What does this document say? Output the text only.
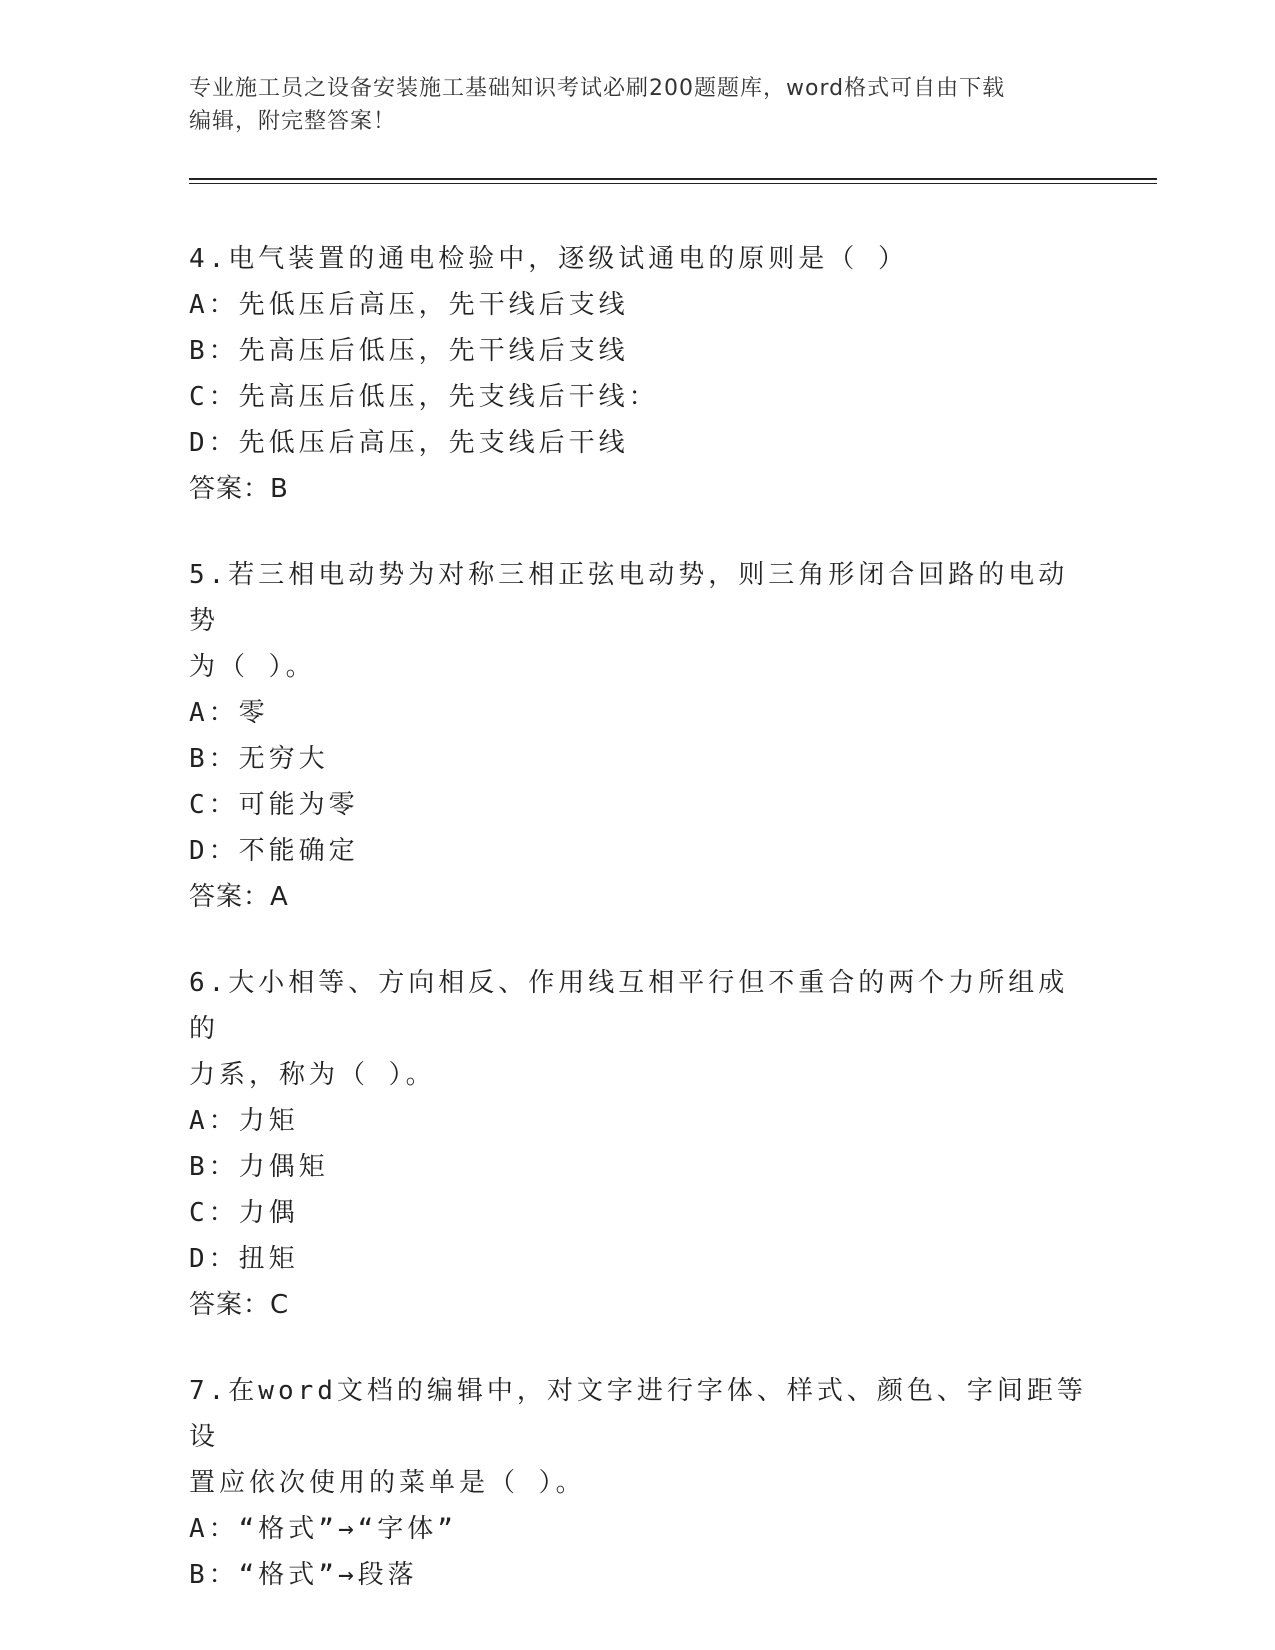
专业施工员之设备安装施工基础知识考试必刷200题题库，word格式可自由下载
编辑，附完整答案！
4.电气装置的通电检验中，逐级试通电的原则是（ ）
A：先低压后高压，先干线后支线
B：先高压后低压，先干线后支线
C：先高压后低压，先支线后干线：
D：先低压后高压，先支线后干线
答案：B
5.若三相电动势为对称三相正弦电动势，则三角形闭合回路的电动势
为（ ）。
A：零
B：无穷大
C：可能为零
D：不能确定
答案：A
6.大小相等、方向相反、作用线互相平行但不重合的两个力所组成的
力系，称为（ ）。
A：力矩
B：力偶矩
C：力偶
D：扭矩
答案：C
7.在word文档的编辑中，对文字进行字体、样式、颜色、字间距等设
置应依次使用的菜单是（ ）。
A：“格式”→“字体”
B：“格式”→段落
